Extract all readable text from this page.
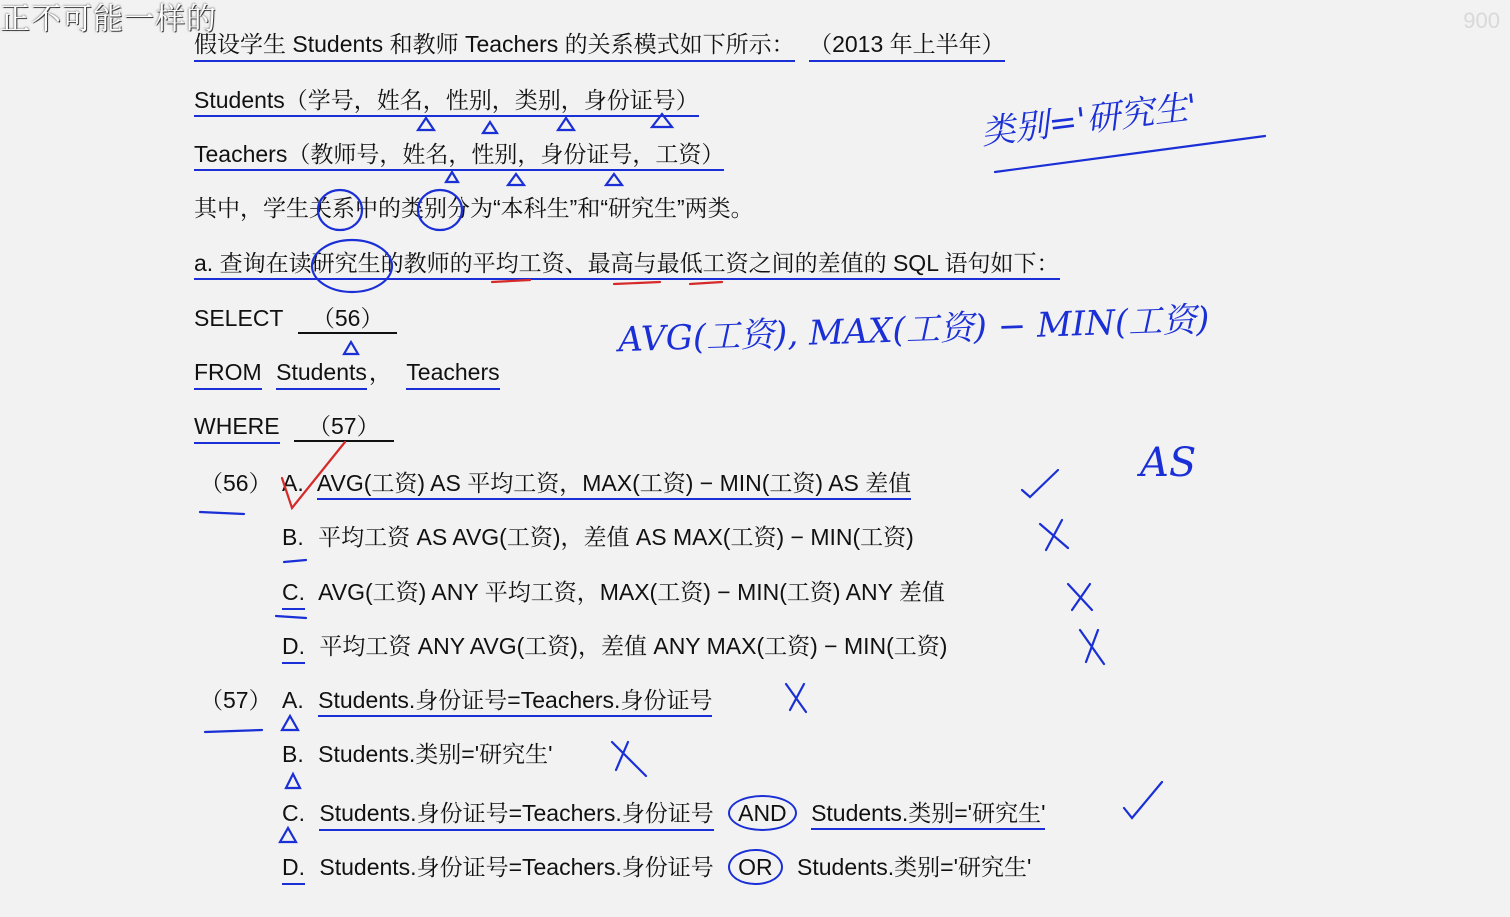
正不可能一样的	900
假设学生 Students 和教师 Teachers 的关系模式如下所示： （2013 年上半年）
Students（学号，姓名，性别，类别，身份证号）
Teachers（教师号，姓名，性别，身份证号，工资）
其中，学生关系中的类别分为“本科生”和“研究生”两类。
a. 查询在读研究生的教师的平均工资、最高与最低工资之间的差值的 SQL 语句如下：
SELECT （56）
FROM Students， Teachers
WHERE （57）
（56） A. AVG(工资) AS 平均工资，MAX(工资) − MIN(工资) AS 差值
B. 平均工资 AS AVG(工资)，差值 AS MAX(工资) − MIN(工资)
C. AVG(工资) ANY 平均工资，MAX(工资) − MIN(工资) ANY 差值
D. 平均工资 ANY AVG(工资)，差值 ANY MAX(工资) − MIN(工资)
（57） A. Students.身份证号=Teachers.身份证号
B. Students.类别='研究生'
C. Students.身份证号=Teachers.身份证号 AND Students.类别='研究生'
D. Students.身份证号=Teachers.身份证号 OR Students.类别='研究生'
类别='研究生'
AVG(工资), MAX(工资) − MIN(工资)
AS
